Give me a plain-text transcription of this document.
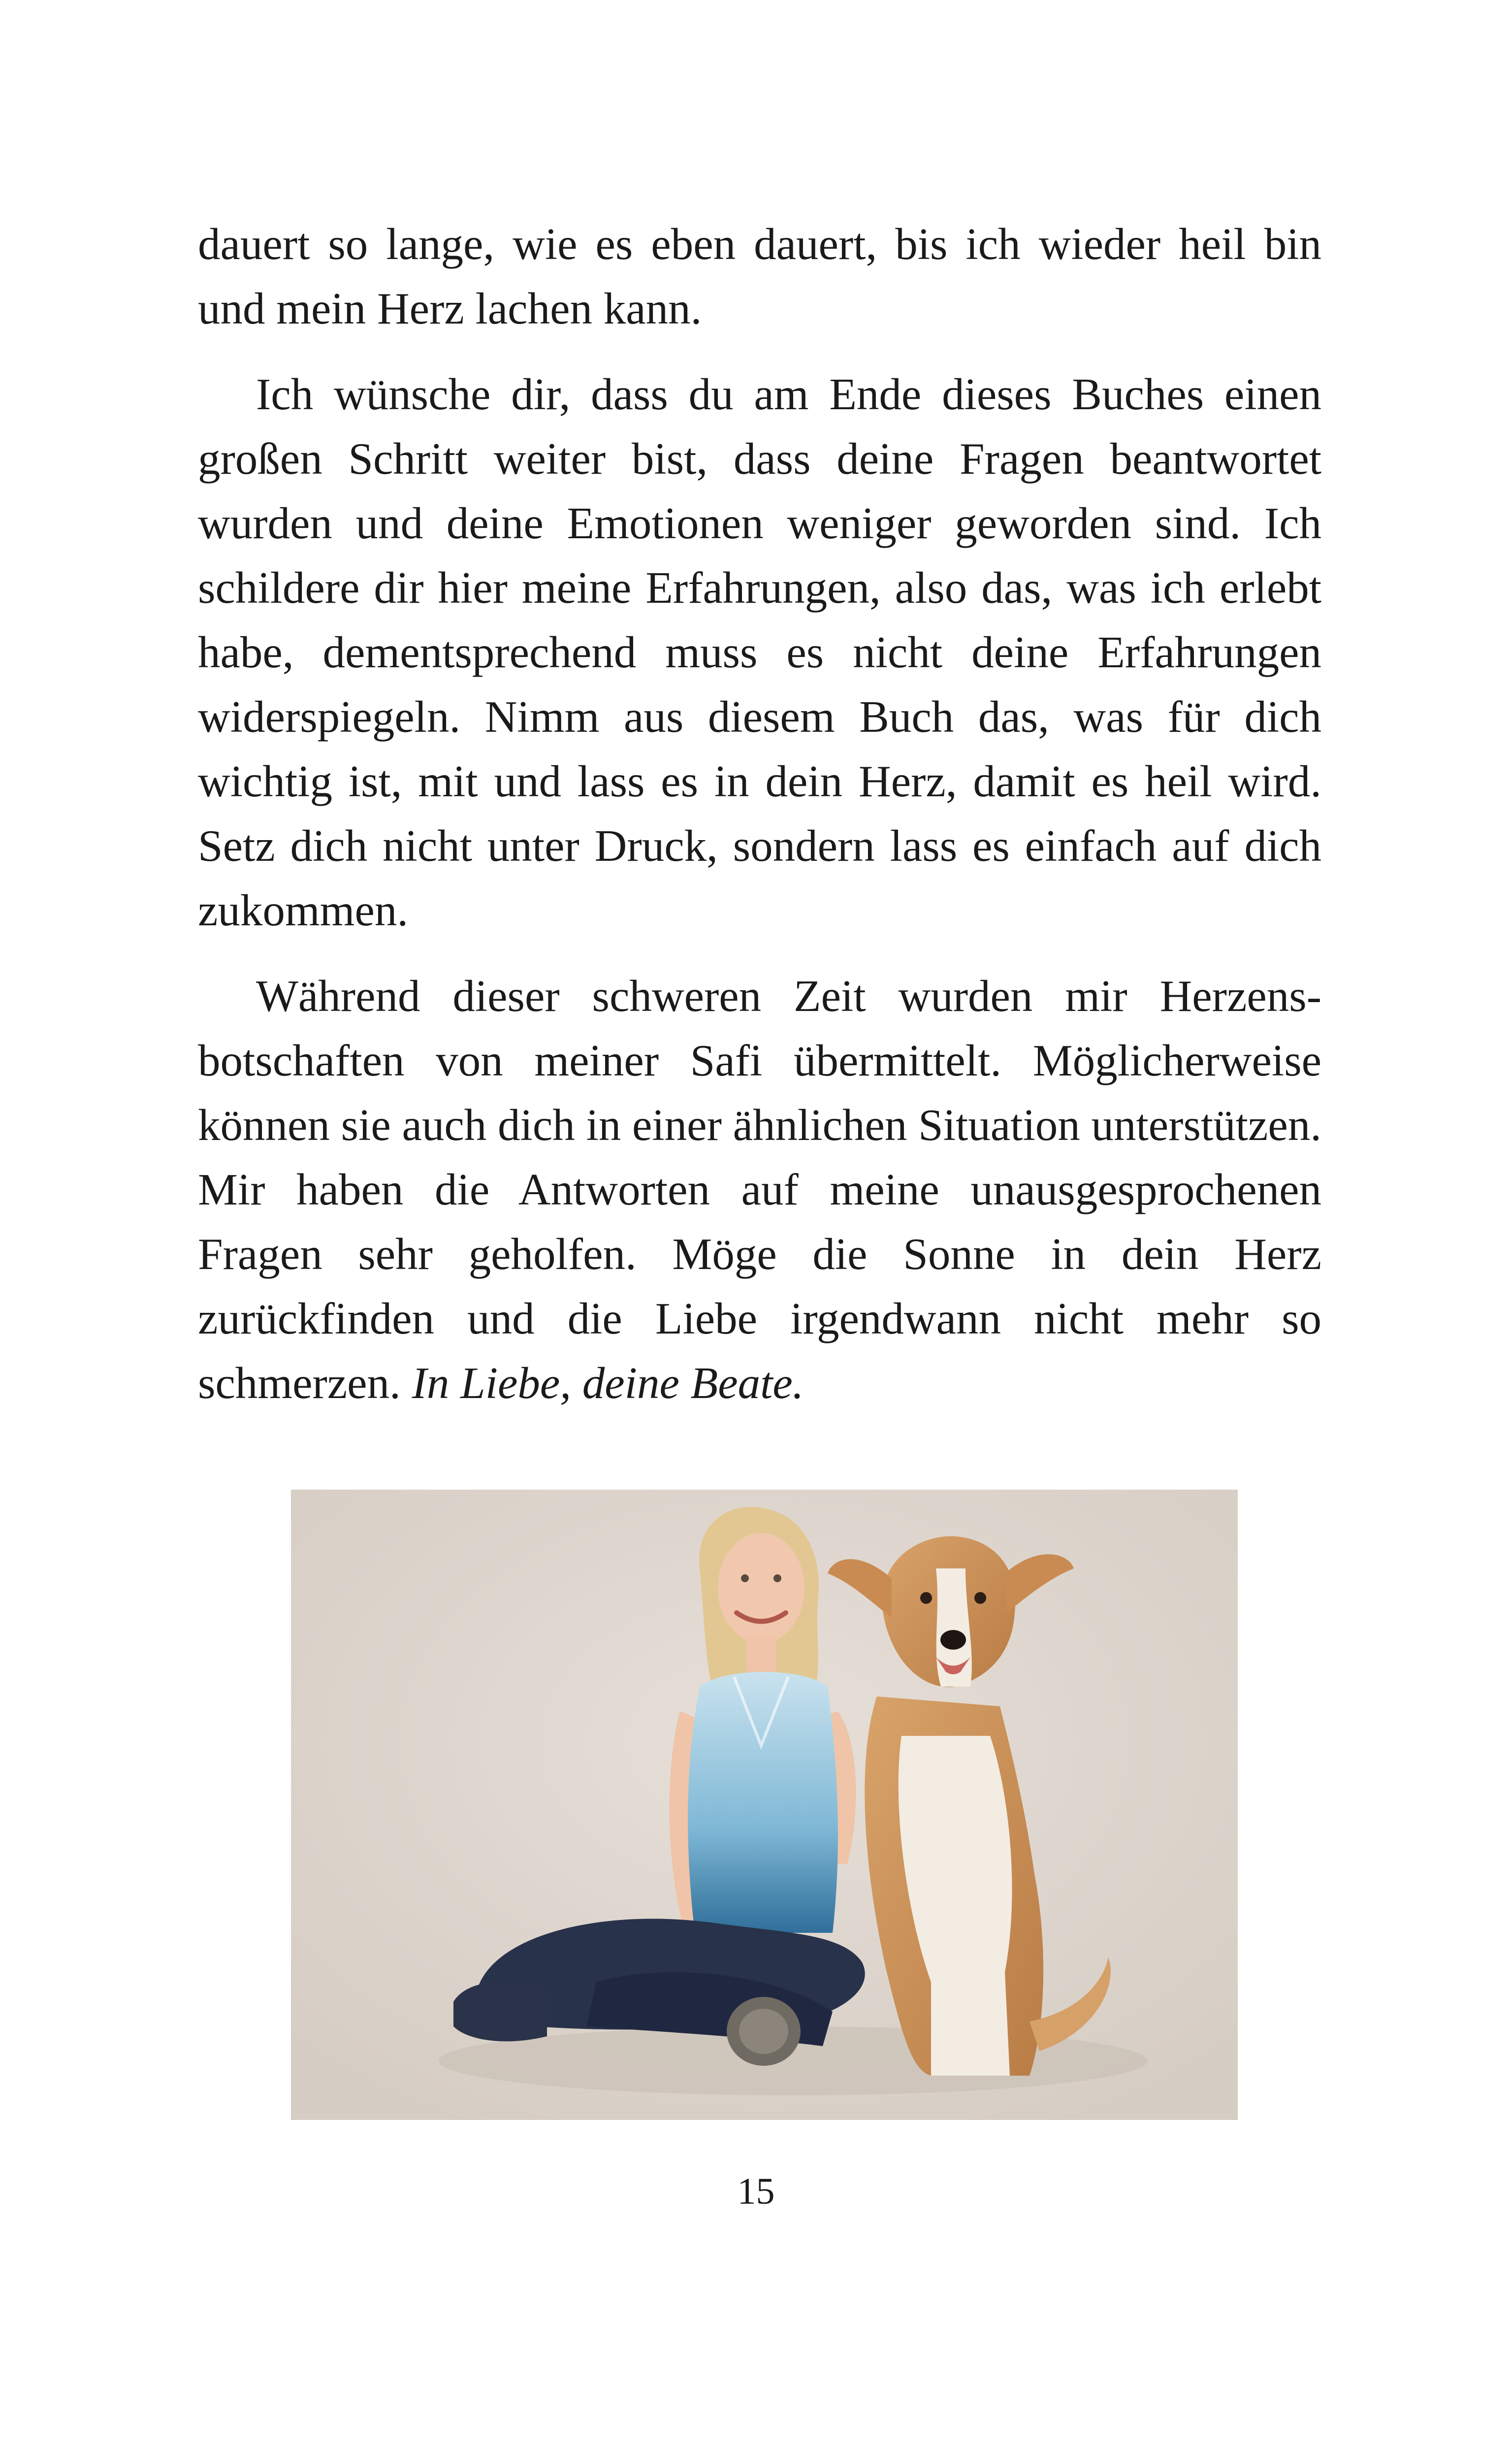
dauert so lange, wie es eben dauert, bis ich wieder heil bin und mein Herz lachen kann.

Ich wünsche dir, dass du am Ende dieses Buches einen großen Schritt weiter bist, dass deine Fragen beantwortet wurden und deine Emotionen weniger geworden sind. Ich schildere dir hier meine Erfahrungen, also das, was ich erlebt habe, dementsprechend muss es nicht deine Erfahrungen widerspiegeln. Nimm aus diesem Buch das, was für dich wichtig ist, mit und lass es in dein Herz, damit es heil wird. Setz dich nicht unter Druck, sondern lass es einfach auf dich zukommen.

Während dieser schweren Zeit wurden mir Herzensbotschaften von meiner Safi übermittelt. Möglicherweise können sie auch dich in einer ähnlichen Situation unterstützen. Mir haben die Antworten auf meine unausgesprochenen Fragen sehr geholfen. Möge die Sonne in dein Herz zurückfinden und die Liebe irgendwann nicht mehr so schmerzen. In Liebe, deine Beate.

15
